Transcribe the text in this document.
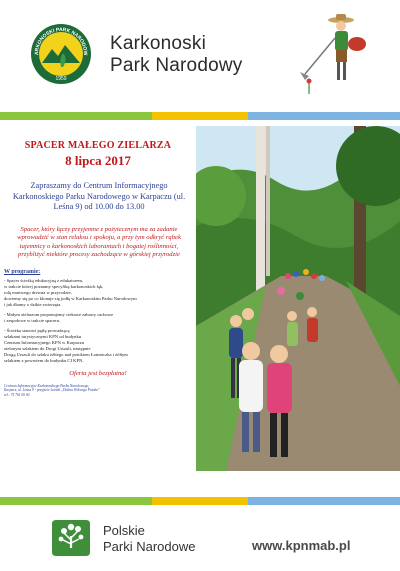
ARKONOSKI PARK NARODOW
1959
Karkonoski
Park Narodowy
SPACER MAŁEGO ZIELARZA
8 lipca 2017
Zapraszamy do Centrum Informacyjnego Karkonoskiego Parku Narodowego w Karpaczu (ul. Leśna 9) od 10.00 do 13.00
Spacer, który łączy przyjemne z pożytecznym ma za zadanie wprowadzić w stan relaksu i spokoju, a przy tym odkryć rąbek tajemnicy o karkonoskich laborantach i bogatej roślinności, przybliżyć niektóre procesy zachodzące w górskiej przyrodzie
W programie:
- Spacer ścieżką edukacyjną z edukatorem,
w trakcie której poznamy specyfikę karkonoskich łąk,
rolę martwego drewna w przyrodzie,
dowiemy się po co klonuje się jodłę w Karkonoskim Parku Narodowym
i jak dbamy o dzikie zwierzęta.
- Małym zielarzom proponujemy ciekawe zabawy ruchowe
i zespołowe w trakcie spaceru.
- Ścieżka stanowi pętlę prowadzącą
szlakami turystycznymi KPN od budynku
Centrum Informacyjnego KPN w Karpaczu
zielonym szlakiem do Drogi Urszuli, następnie
Drogą Urszuli do szlaku żółtego nad potokiem Łomniczka i żółtym
szlakiem z powrotem do budynku CI KPN.
Oferta jest bezpłatna!
Centrum Informacyjne Karkonoskiego Parku Narodowego,
Karpacz, ul. Leśna 9 - przyjście ścieżki „Dolina Wilczego Potoku"
tel.: 75 761 00 00
Polskie
Parki Narodowe	www.kpnmab.pl
